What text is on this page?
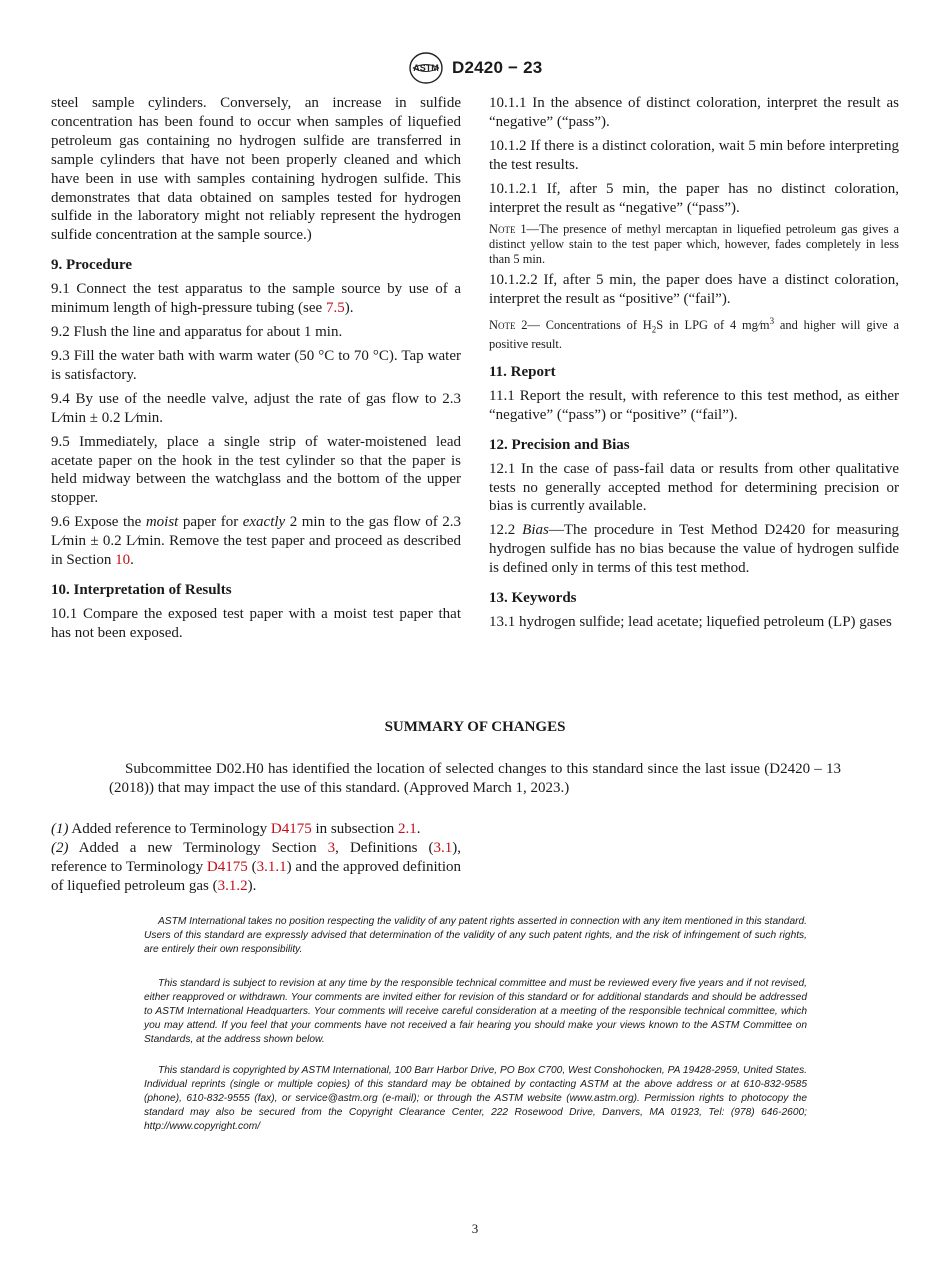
ASTM D2420 − 23

steel sample cylinders. Conversely, an increase in sulfide concentration has been found to occur when samples of liquefied petroleum gas containing no hydrogen sulfide are transferred in sample cylinders that have not been properly cleaned and which have been in use with samples containing hydrogen sulfide. This demonstrates that data obtained on samples tested for hydrogen sulfide in the laboratory might not reliably represent the hydrogen sulfide concentration at the sample source.)

9. Procedure

9.1 Connect the test apparatus to the sample source by use of a minimum length of high-pressure tubing (see 7.5).

9.2 Flush the line and apparatus for about 1 min.

9.3 Fill the water bath with warm water (50 °C to 70 °C). Tap water is satisfactory.

9.4 By use of the needle valve, adjust the rate of gas flow to 2.3 L⁄min ± 0.2 L⁄min.

9.5 Immediately, place a single strip of water-moistened lead acetate paper on the hook in the test cylinder so that the paper is held midway between the watchglass and the bottom of the upper stopper.

9.6 Expose the moist paper for exactly 2 min to the gas flow of 2.3 L⁄min ± 0.2 L⁄min. Remove the test paper and proceed as described in Section 10.

10. Interpretation of Results

10.1 Compare the exposed test paper with a moist test paper that has not been exposed.

10.1.1 In the absence of distinct coloration, interpret the result as “negative” (“pass”).

10.1.2 If there is a distinct coloration, wait 5 min before interpreting the test results.

10.1.2.1 If, after 5 min, the paper has no distinct coloration, interpret the result as “negative” (“pass”).

Note 1—The presence of methyl mercaptan in liquefied petroleum gas gives a distinct yellow stain to the test paper which, however, fades completely in less than 5 min.

10.1.2.2 If, after 5 min, the paper does have a distinct coloration, interpret the result as “positive” (“fail”).

Note 2— Concentrations of $H_2S$ in LPG of 4 $mg⁄m^3$ and higher will give a positive result.

11. Report

11.1 Report the result, with reference to this test method, as either “negative” (“pass”) or “positive” (“fail”).

12. Precision and Bias

12.1 In the case of pass-fail data or results from other qualitative tests no generally accepted method for determining precision or bias is currently available.

12.2 Bias—The procedure in Test Method D2420 for measuring hydrogen sulfide has no bias because the value of hydrogen sulfide is defined only in terms of this test method.

13. Keywords

13.1 hydrogen sulfide; lead acetate; liquefied petroleum (LP) gases

SUMMARY OF CHANGES
Subcommittee D02.H0 has identified the location of selected changes to this standard since the last issue (D2420 – 13 (2018)) that may impact the use of this standard. (Approved March 1, 2023.)

(1) Added reference to Terminology D4175 in subsection 2.1.

(2) Added a new Terminology Section 3, Definitions (3.1), reference to Terminology D4175 (3.1.1) and the approved definition of liquefied petroleum gas (3.1.2).

ASTM International takes no position respecting the validity of any patent rights asserted in connection with any item mentioned in this standard. Users of this standard are expressly advised that determination of the validity of any such patent rights, and the risk of infringement of such rights, are entirely their own responsibility.
This standard is subject to revision at any time by the responsible technical committee and must be reviewed every five years and if not revised, either reapproved or withdrawn. Your comments are invited either for revision of this standard or for additional standards and should be addressed to ASTM International Headquarters. Your comments will receive careful consideration at a meeting of the responsible technical committee, which you may attend. If you feel that your comments have not received a fair hearing you should make your views known to the ASTM Committee on Standards, at the address shown below.
This standard is copyrighted by ASTM International, 100 Barr Harbor Drive, PO Box C700, West Conshohocken, PA 19428-2959, United States. Individual reprints (single or multiple copies) of this standard may be obtained by contacting ASTM at the above address or at 610-832-9585 (phone), 610-832-9555 (fax), or service@astm.org (e-mail); or through the ASTM website (www.astm.org). Permission rights to photocopy the standard may also be secured from the Copyright Clearance Center, 222 Rosewood Drive, Danvers, MA 01923, Tel: (978) 646-2600; http://www.copyright.com/
3
